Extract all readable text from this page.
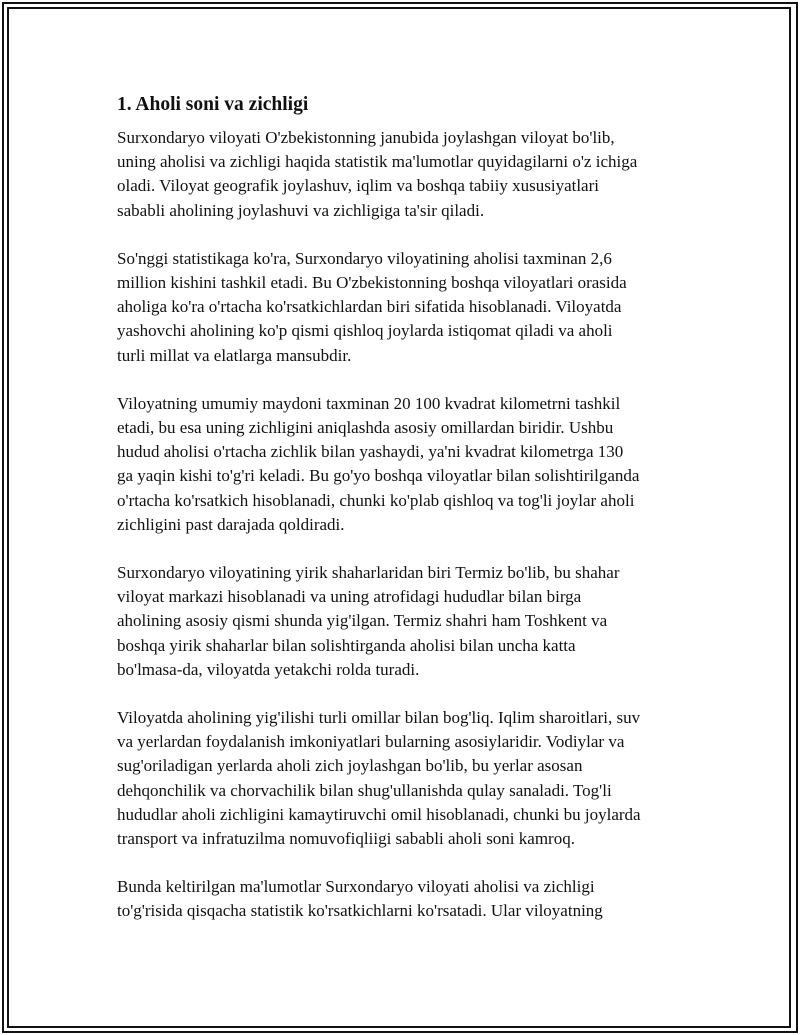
1. Aholi soni va zichligi

Surxondaryo viloyati O'zbekistonning janubida joylashgan viloyat bo'lib,
uning aholisi va zichligi haqida statistik ma'lumotlar quyidagilarni o'z ichiga
oladi. Viloyat geografik joylashuv, iqlim va boshqa tabiiy xususiyatlari
sababli aholining joylashuvi va zichligiga ta'sir qiladi.

So'nggi statistikaga ko'ra, Surxondaryo viloyatining aholisi taxminan 2,6
million kishini tashkil etadi. Bu O'zbekistonning boshqa viloyatlari orasida
aholiga ko'ra o'rtacha ko'rsatkichlardan biri sifatida hisoblanadi. Viloyatda
yashovchi aholining ko'p qismi qishloq joylarda istiqomat qiladi va aholi
turli millat va elatlarga mansubdir.

Viloyatning umumiy maydoni taxminan 20 100 kvadrat kilometrni tashkil
etadi, bu esa uning zichligini aniqlashda asosiy omillardan biridir. Ushbu
hudud aholisi o'rtacha zichlik bilan yashaydi, ya'ni kvadrat kilometrga 130
ga yaqin kishi to'g'ri keladi. Bu go'yo boshqa viloyatlar bilan solishtirilganda
o'rtacha ko'rsatkich hisoblanadi, chunki ko'plab qishloq va tog'li joylar aholi
zichligini past darajada qoldiradi.

Surxondaryo viloyatining yirik shaharlaridan biri Termiz bo'lib, bu shahar
viloyat markazi hisoblanadi va uning atrofidagi hududlar bilan birga
aholining asosiy qismi shunda yig'ilgan. Termiz shahri ham Toshkent va
boshqa yirik shaharlar bilan solishtirganda aholisi bilan uncha katta
bo'lmasa-da, viloyatda yetakchi rolda turadi.

Viloyatda aholining yig'ilishi turli omillar bilan bog'liq. Iqlim sharoitlari, suv
va yerlardan foydalanish imkoniyatlari bularning asosiylaridir. Vodiylar va
sug'oriladigan yerlarda aholi zich joylashgan bo'lib, bu yerlar asosan
dehqonchilik va chorvachilik bilan shug'ullanishda qulay sanaladi. Tog'li
hududlar aholi zichligini kamaytiruvchi omil hisoblanadi, chunki bu joylarda
transport va infratuzilma nomuvofiqliigi sababli aholi soni kamroq.

Bunda keltirilgan ma'lumotlar Surxondaryo viloyati aholisi va zichligi
to'g'risida qisqacha statistik ko'rsatkichlarni ko'rsatadi. Ular viloyatning
